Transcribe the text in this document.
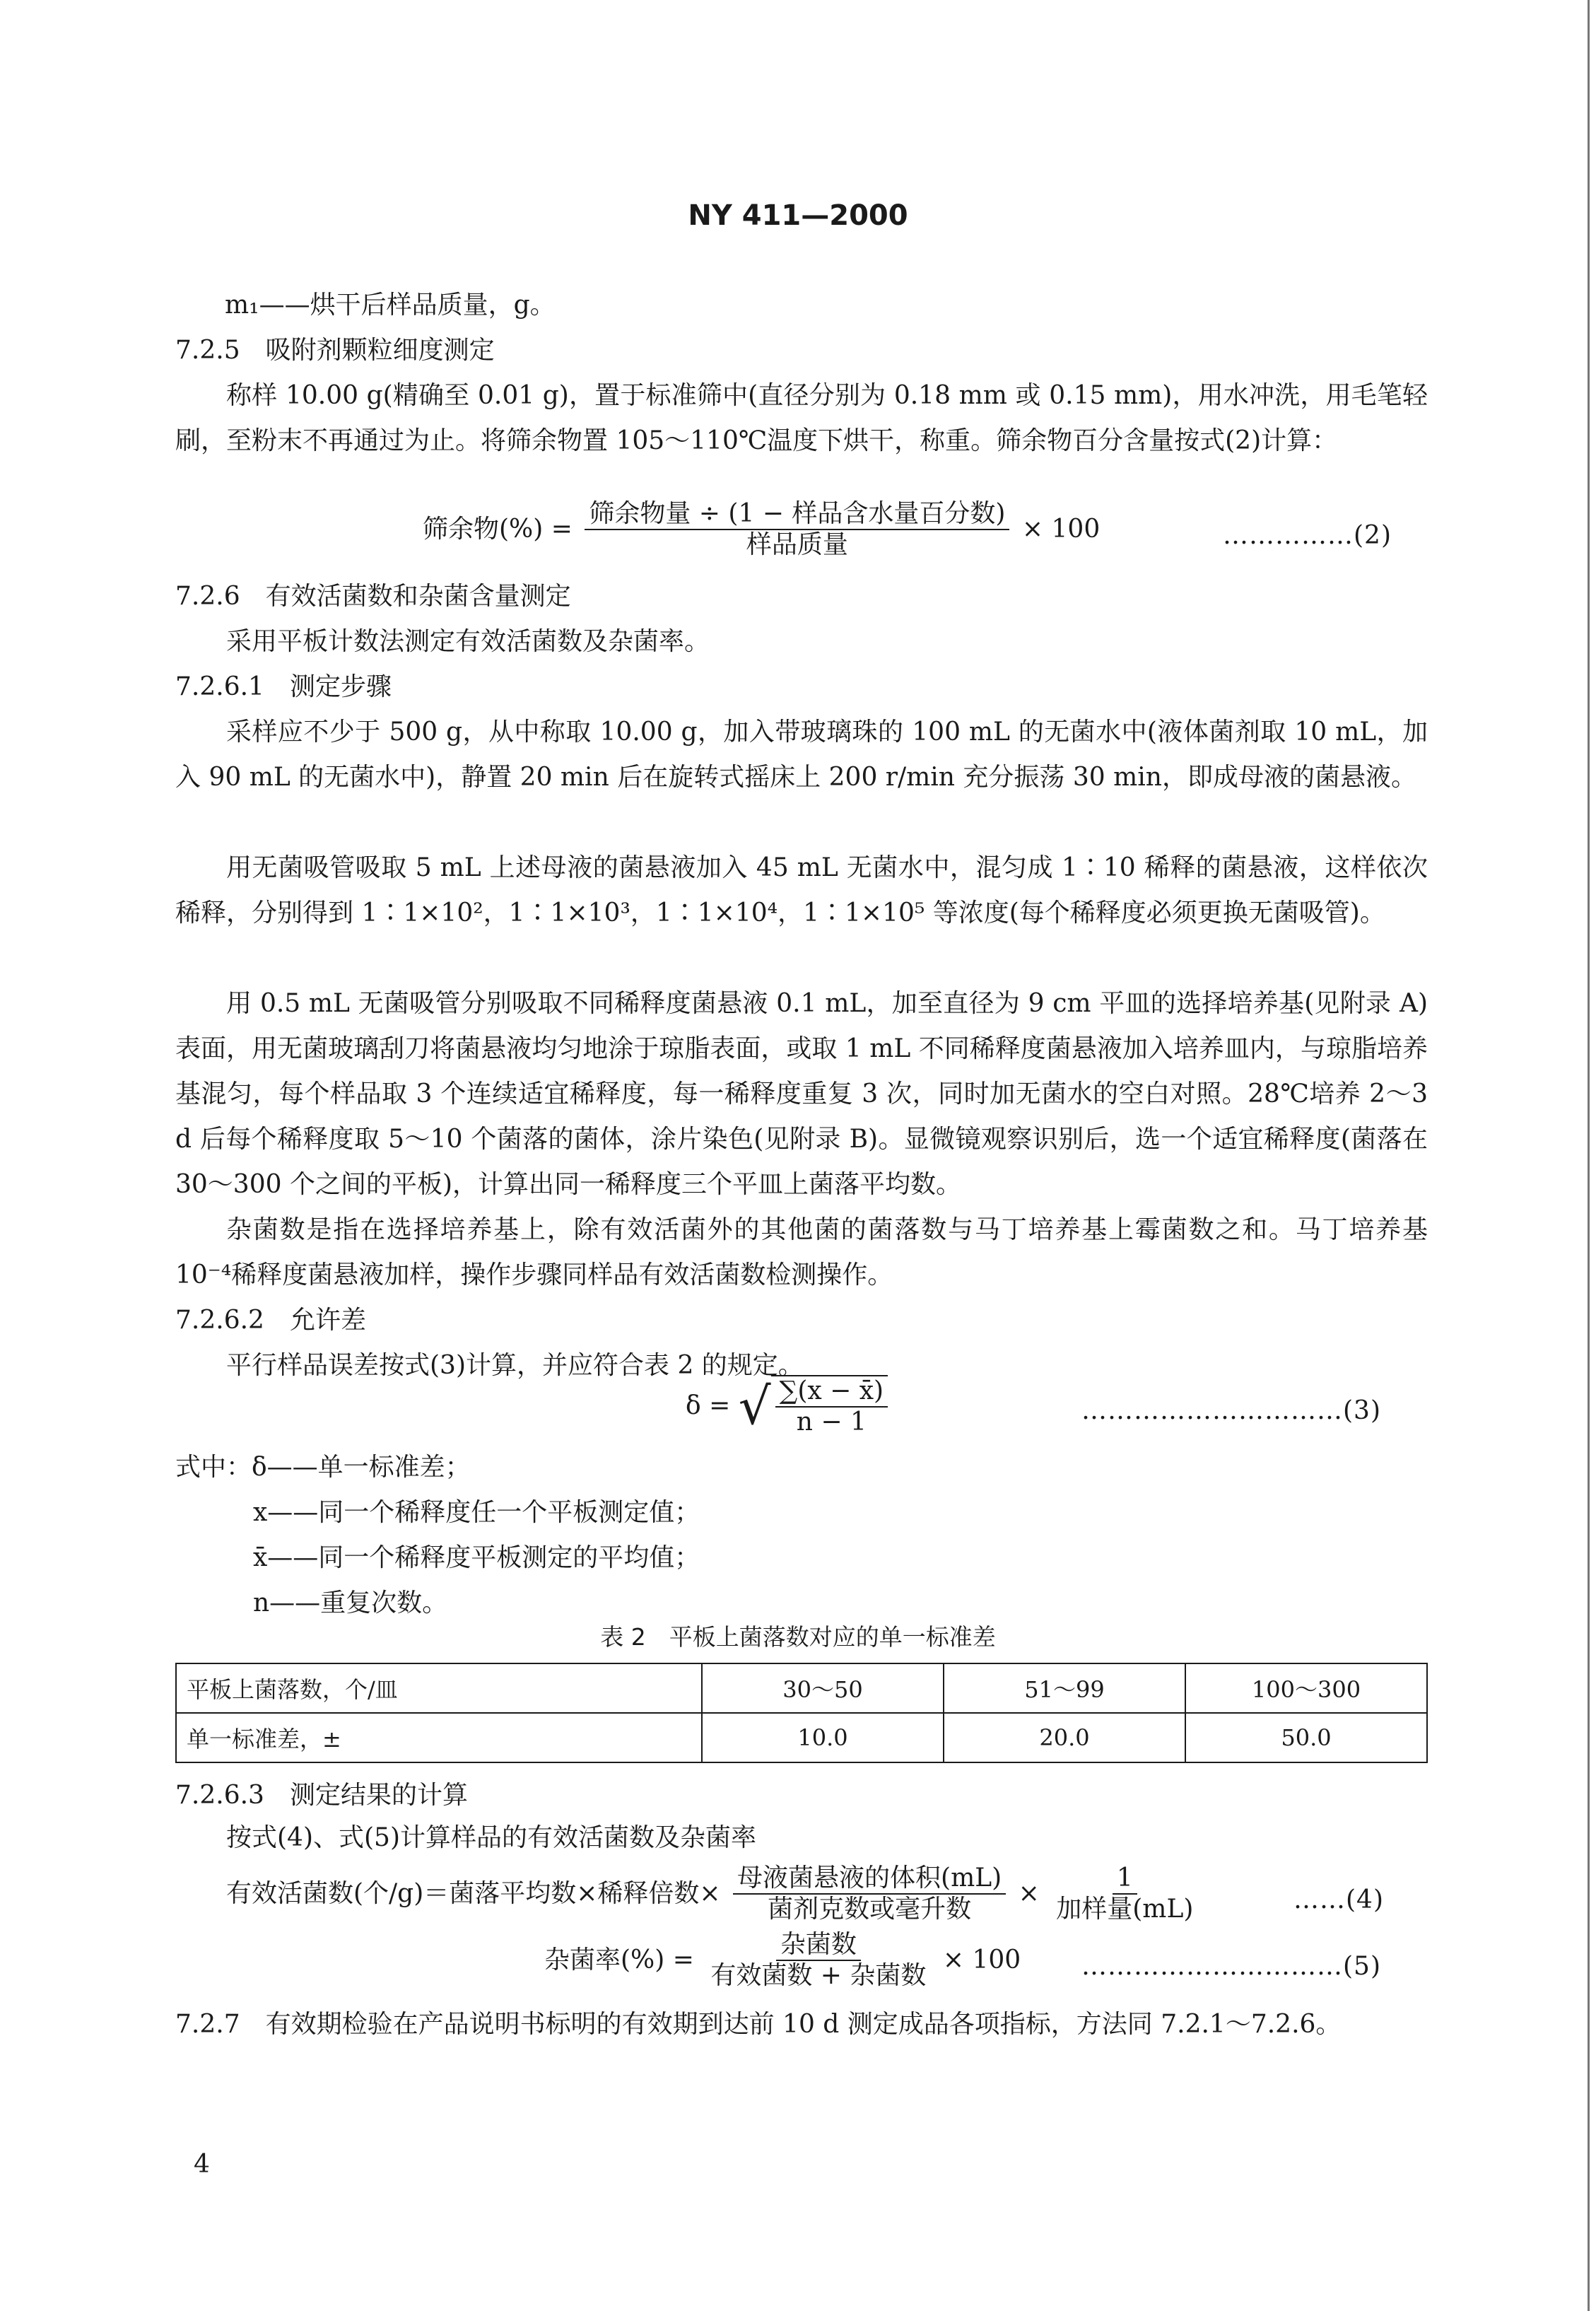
NY 411—2000
m₁——烘干后样品质量，g。
7.2.5　吸附剂颗粒细度测定
称样 10.00 g(精确至 0.01 g)，置于标准筛中(直径分别为 0.18 mm 或 0.15 mm)，用水冲洗，用毛笔轻刷，至粉末不再通过为止。将筛余物置 105～110℃温度下烘干，称重。筛余物百分含量按式(2)计算：
筛余物(%) = $\frac{\text{筛余物量 ÷ (1 − 样品含水量百分数)}}{\text{样品质量}} \times 100$	……………(2)
7.2.6　有效活菌数和杂菌含量测定
采用平板计数法测定有效活菌数及杂菌率。
7.2.6.1　测定步骤
采样应不少于 500 g，从中称取 10.00 g，加入带玻璃珠的 100 mL 的无菌水中(液体菌剂取 10 mL，加入 90 mL 的无菌水中)，静置 20 min 后在旋转式摇床上 200 r/min 充分振荡 30 min，即成母液的菌悬液。
用无菌吸管吸取 5 mL 上述母液的菌悬液加入 45 mL 无菌水中，混匀成 1∶10 稀释的菌悬液，这样依次稀释，分别得到 1∶1×10²，1∶1×10³，1∶1×10⁴，1∶1×10⁵ 等浓度(每个稀释度必须更换无菌吸管)。
用 0.5 mL 无菌吸管分别吸取不同稀释度菌悬液 0.1 mL，加至直径为 9 cm 平皿的选择培养基(见附录 A)表面，用无菌玻璃刮刀将菌悬液均匀地涂于琼脂表面，或取 1 mL 不同稀释度菌悬液加入培养皿内，与琼脂培养基混匀，每个样品取 3 个连续适宜稀释度，每一稀释度重复 3 次，同时加无菌水的空白对照。28℃培养 2～3 d 后每个稀释度取 5～10 个菌落的菌体，涂片染色(见附录 B)。显微镜观察识别后，选一个适宜稀释度(菌落在 30～300 个之间的平板)，计算出同一稀释度三个平皿上菌落平均数。
杂菌数是指在选择培养基上，除有效活菌外的其他菌的菌落数与马丁培养基上霉菌数之和。马丁培养基 10⁻⁴稀释度菌悬液加样，操作步骤同样品有效活菌数检测操作。
7.2.6.2　允许差
平行样品误差按式(3)计算，并应符合表 2 的规定。
δ = √ $\frac{\sum(x - x̄)}{n - 1}$	…………………………(3)
式中：δ——单一标准差；
x——同一个稀释度任一个平板测定值；
x̄——同一个稀释度平板测定的平均值；
n——重复次数。
表 2　平板上菌落数对应的单一标准差
平板上菌落数，个/皿	30～50	51～99	100～300
单一标准差，±	10.0	20.0	50.0
7.2.6.3　测定结果的计算
按式(4)、式(5)计算样品的有效活菌数及杂菌率
有效活菌数(个/g)＝菌落平均数×稀释倍数× $\frac{\text{母液菌悬液的体积(mL)}}{\text{菌剂克数或毫升数}} \times \frac{1}{\text{加样量(mL)}}$	……(4)
杂菌率(%) = $\frac{\text{杂菌数}}{\text{有效菌数 + 杂菌数}} \times 100$ …………………………(5)
7.2.7　有效期检验在产品说明书标明的有效期到达前 10 d 测定成品各项指标，方法同 7.2.1～7.2.6。
4
